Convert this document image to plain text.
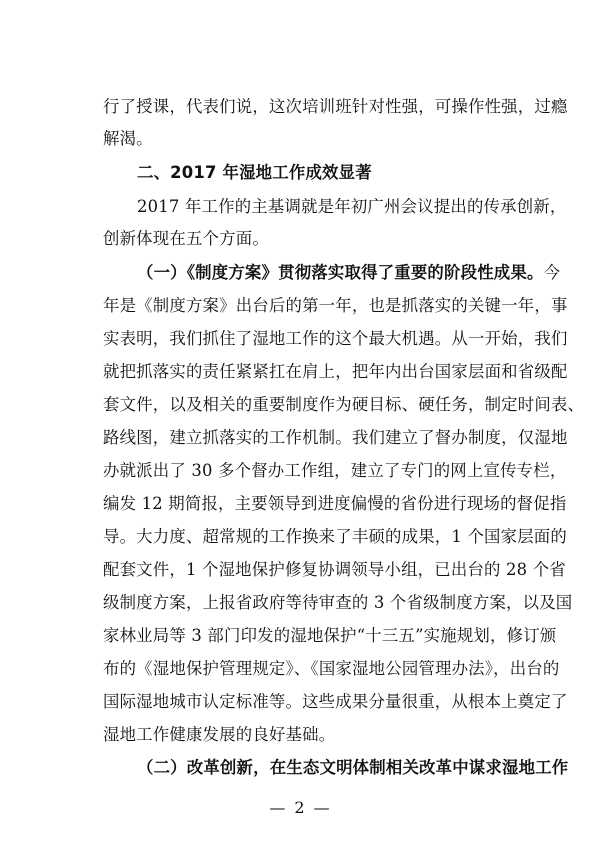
行了授课，代表们说，这次培训班针对性强，可操作性强，过瘾
解渴。
二、2017 年湿地工作成效显著
2017 年工作的主基调就是年初广州会议提出的传承创新，
创新体现在五个方面。
（一）《制度方案》贯彻落实取得了重要的阶段性成果。今
年是《制度方案》出台后的第一年，也是抓落实的关键一年，事
实表明，我们抓住了湿地工作的这个最大机遇。从一开始，我们
就把抓落实的责任紧紧扛在肩上，把年内出台国家层面和省级配
套文件，以及相关的重要制度作为硬目标、硬任务，制定时间表、
路线图，建立抓落实的工作机制。我们建立了督办制度，仅湿地
办就派出了 30 多个督办工作组，建立了专门的网上宣传专栏，
编发 12 期简报，主要领导到进度偏慢的省份进行现场的督促指
导。大力度、超常规的工作换来了丰硕的成果，1 个国家层面的
配套文件，1 个湿地保护修复协调领导小组，已出台的 28 个省
级制度方案，上报省政府等待审查的 3 个省级制度方案，以及国
家林业局等 3 部门印发的湿地保护“十三五”实施规划，修订颁
布的《湿地保护管理规定》、《国家湿地公园管理办法》，出台的
国际湿地城市认定标准等。这些成果分量很重，从根本上奠定了
湿地工作健康发展的良好基础。
（二）改革创新，在生态文明体制相关改革中谋求湿地工作
— 2 —
